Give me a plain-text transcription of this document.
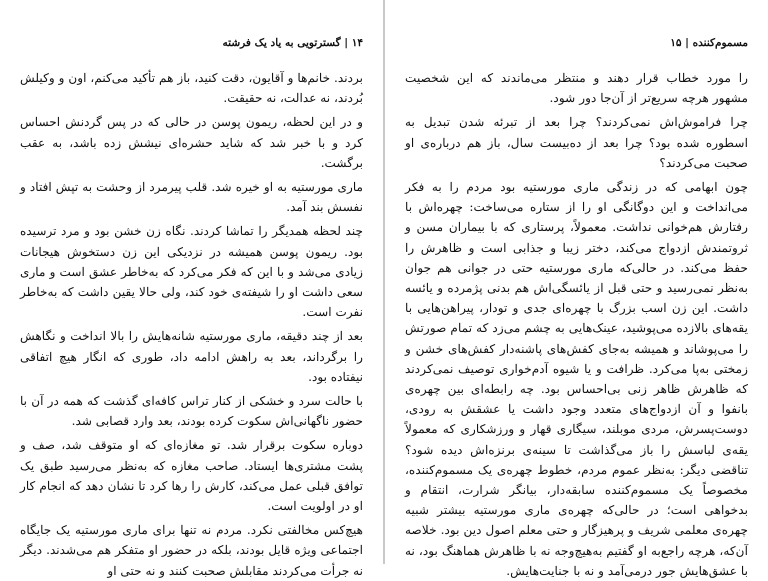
۱۴ | گسترتویی به یاد یک فرشته
بردند. خانم‌ها و آقایون، دقت کنید، باز هم تأکید می‌کنم، اون و وکیلش بُردند، نه عدالت، نه حقیقت.
و در این لحظه، ریمون پوسن در حالی که در پس گردنش احساس کرد و با خبر شد که شاید حشره‌ای نیشش زده باشد، به عقب برگشت.
ماری مورستیه به او خیره شد. قلب پیرمرد از وحشت به تپش افتاد و نفسش بند آمد.
چند لحظه همدیگر را تماشا کردند. نگاه زن خشن بود و مرد ترسیده بود. ریمون پوسن همیشه در نزدیکی این زن دستخوش هیجانات زیادی می‌شد و با این که فکر می‌کرد که به‌خاطر عشق است و ماری سعی داشت او را شیفته‌ی خود کند، ولی حالا یقین داشت که به‌خاطر نفرت است.
بعد از چند دقیقه، ماری مورستیه شانه‌هایش را بالا انداخت و نگاهش را برگرداند، بعد به راهش ادامه داد، طوری که انگار هیچ اتفاقی نیفتاده بود.
با حالت سرد و خشکی از کنار تراس کافه‌ای گذشت که همه در آن با حضور ناگهانی‌اش سکوت کرده بودند، بعد وارد قصابی شد.
دوباره سکوت برقرار شد. تو مغازه‌ای که او متوقف شد، صف و پشت مشتری‌ها ایستاد. صاحب مغازه که به‌نظر می‌رسید طبق یک توافق قبلی عمل می‌کند، کارش را رها کرد تا نشان دهد که انجام کار او در اولویت است.
هیچ‌کس مخالفتی نکرد. مردم نه تنها برای ماری مورستیه یک جایگاه اجتماعی ویژه قایل بودند، بلکه در حضور او متفکر هم می‌شدند. دیگر نه جرأت می‌کردند مقابلش صحبت کنند و نه حتی او
مسموم‌کننده | ۱۵
را مورد خطاب قرار دهند و منتظر می‌ماندند که این شخصیت مشهور هرچه سریع‌تر از آن‌جا دور شود.
چرا فراموش‌اش نمی‌کردند؟ چرا بعد از تبرئه شدن تبدیل به اسطوره شده بود؟ چرا بعد از ده‌بیست سال، باز هم درباره‌ی او صحبت می‌کردند؟
چون ابهامی که در زندگی ماری مورستیه بود مردم را به فکر می‌انداخت و این دوگانگی او را از ستاره می‌ساخت: چهره‌اش با رفتارش هم‌خوانی نداشت. معمولاً، پرستاری که با بیماران مسن و ثروتمندش ازدواج می‌کند، دختر زیبا و جذابی است و ظاهرش را حفظ می‌کند. در حالی‌که ماری مورستیه حتی در جوانی هم جوان به‌نظر نمی‌رسید و حتی قبل از یائسگی‌اش هم بدنی پژمرده و یائسه داشت. این زن اسب بزرگ با چهره‌ای جدی و تودار، پیراهن‌هایی با یقه‌های بالازده می‌پوشید، عینک‌هایی به چشم می‌زد که تمام صورتش را می‌پوشاند و همیشه به‌جای کفش‌های پاشنه‌دار کفش‌های خشن و زمختی به‌پا می‌کرد. ظرافت و یا شیوه آدم‌خواری توصیف نمی‌کردند که ظاهرش ظاهر زنی بی‌احساس بود. چه رابطه‌ای بین چهره‌ی بانفوا و آن ازدواج‌های متعدد وجود داشت یا عشقش به رودی، دوست‌پسرش، مردی موبلند، سیگاری قهار و ورزشکاری که معمولاً یقه‌ی لباسش را باز می‌گذاشت تا سینه‌ی برنزه‌اش دیده شود؟ تناقضی دیگر: به‌نظر عموم مردم، خطوط چهره‌ی یک مسموم‌کننده، مخصوصاً یک مسموم‌کننده سابقه‌دار، بیانگر شرارت، انتقام و بدخواهی است؛ در حالی‌که چهره‌ی ماری مورستیه بیشتر شبیه چهره‌ی معلمی شریف و پرهیزگار و حتی معلم اصول دین بود. خلاصه آن‌که، هرچه راجع‌به او گفتیم به‌هیچ‌وجه نه با ظاهرش هماهنگ بود، نه با عشق‌هایش جور درمی‌آمد و نه با جنایت‌هایش.
